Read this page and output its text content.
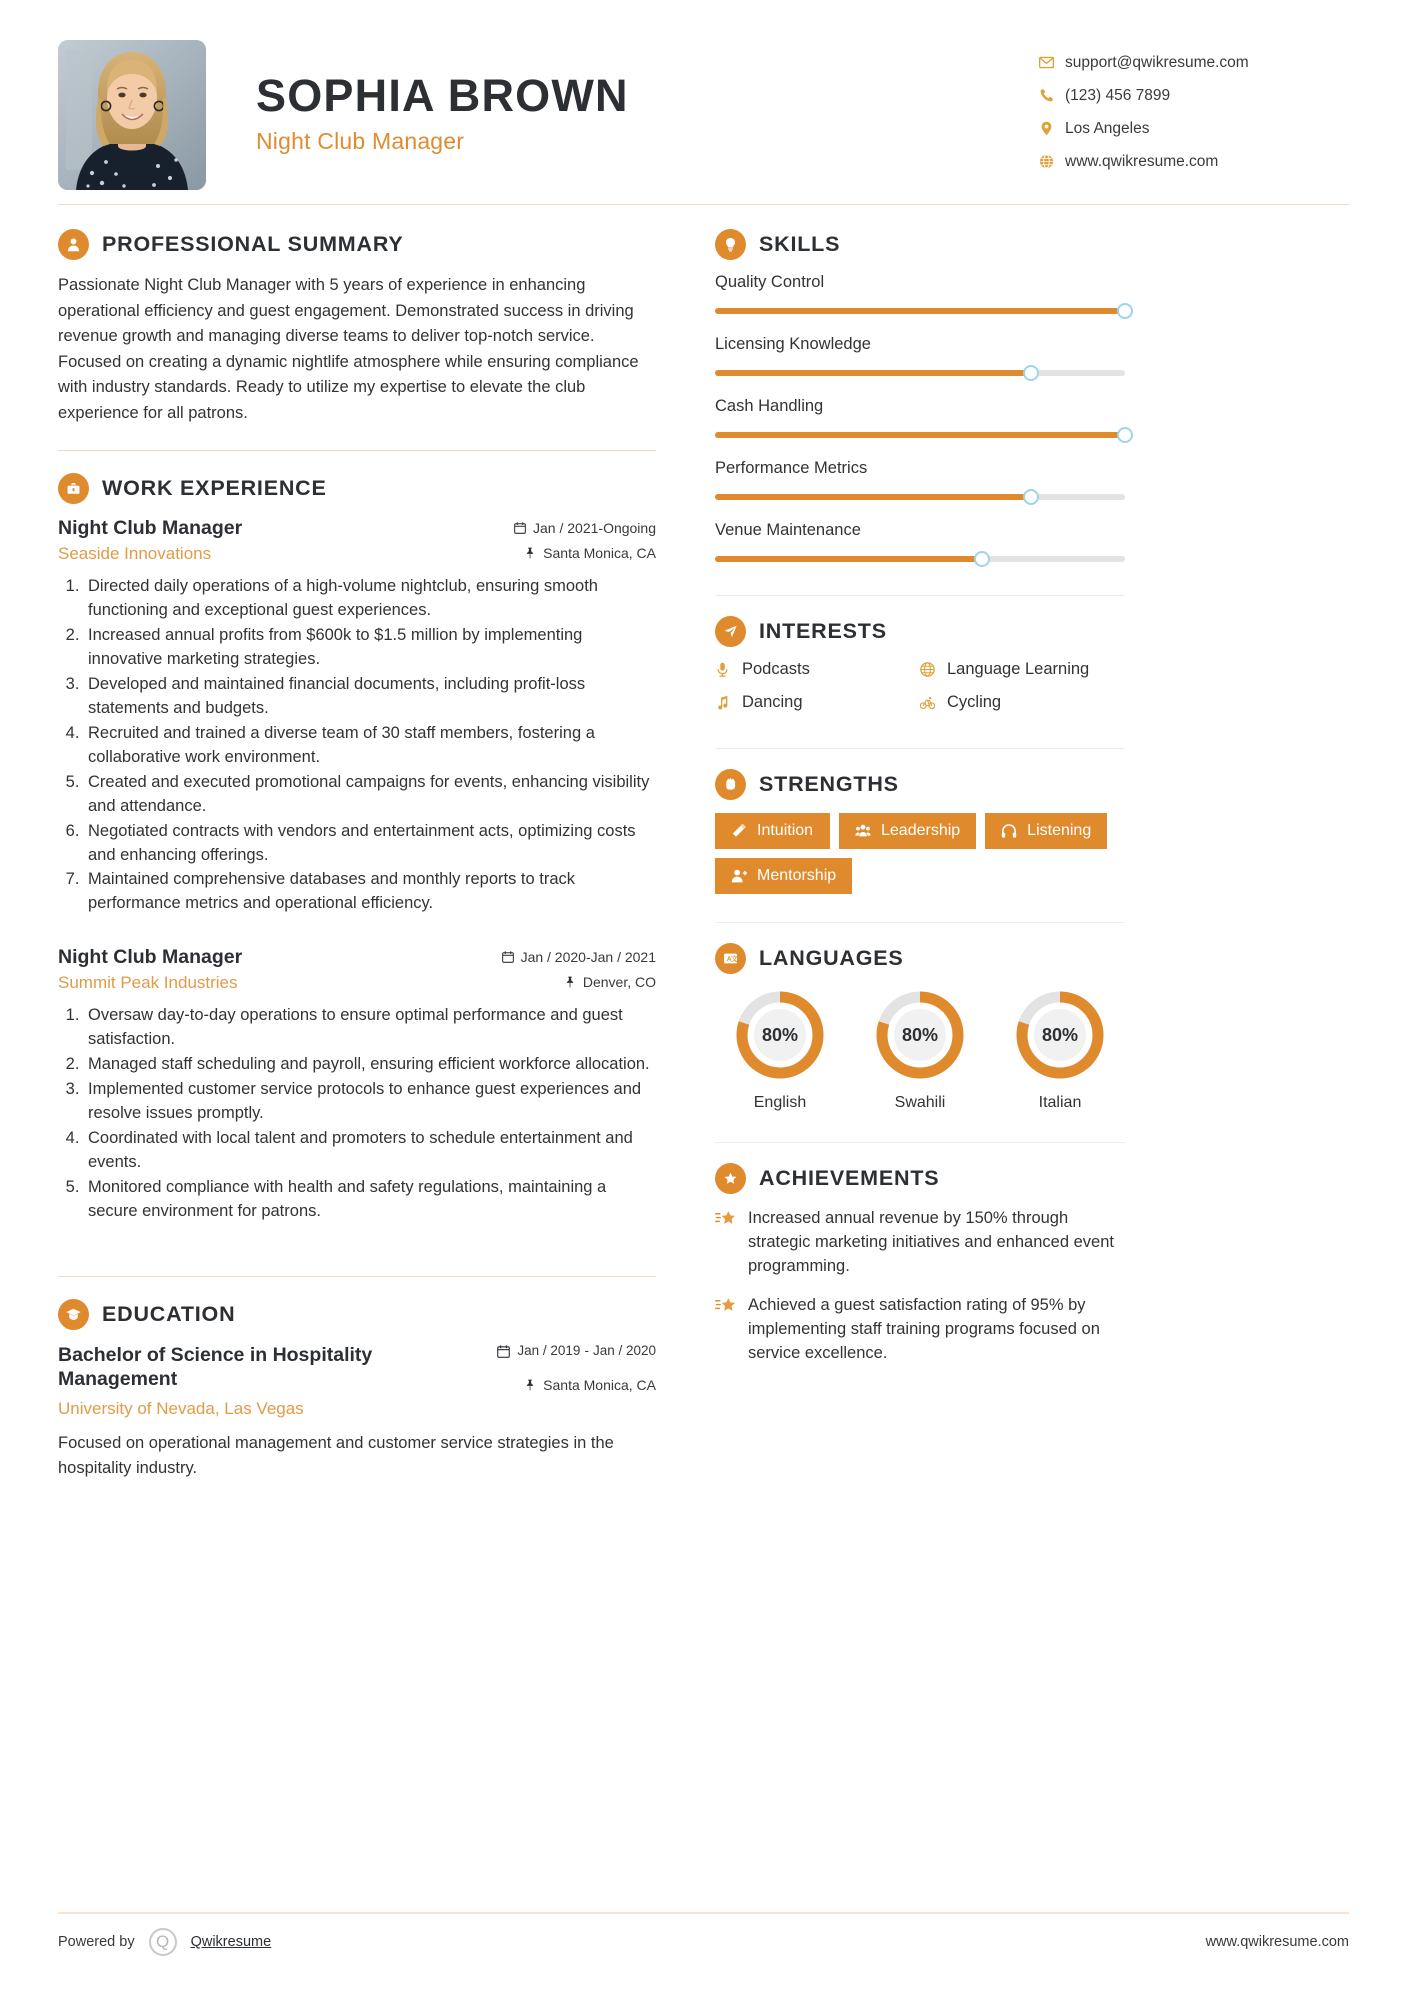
SOPHIA BROWN
Night Club Manager
support@qwikresume.com
(123) 456 7899
Los Angeles
www.qwikresume.com
PROFESSIONAL SUMMARY
Passionate Night Club Manager with 5 years of experience in enhancing operational efficiency and guest engagement. Demonstrated success in driving revenue growth and managing diverse teams to deliver top-notch service. Focused on creating a dynamic nightlife atmosphere while ensuring compliance with industry standards. Ready to utilize my expertise to elevate the club experience for all patrons.
WORK EXPERIENCE
Night Club Manager	Jan / 2021-Ongoing
Seaside Innovations	Santa Monica, CA
1. Directed daily operations of a high-volume nightclub, ensuring smooth functioning and exceptional guest experiences.
2. Increased annual profits from $600k to $1.5 million by implementing innovative marketing strategies.
3. Developed and maintained financial documents, including profit-loss statements and budgets.
4. Recruited and trained a diverse team of 30 staff members, fostering a collaborative work environment.
5. Created and executed promotional campaigns for events, enhancing visibility and attendance.
6. Negotiated contracts with vendors and entertainment acts, optimizing costs and enhancing offerings.
7. Maintained comprehensive databases and monthly reports to track performance metrics and operational efficiency.
Night Club Manager	Jan / 2020-Jan / 2021
Summit Peak Industries	Denver, CO
1. Oversaw day-to-day operations to ensure optimal performance and guest satisfaction.
2. Managed staff scheduling and payroll, ensuring efficient workforce allocation.
3. Implemented customer service protocols to enhance guest experiences and resolve issues promptly.
4. Coordinated with local talent and promoters to schedule entertainment and events.
5. Monitored compliance with health and safety regulations, maintaining a secure environment for patrons.
EDUCATION
Bachelor of Science in Hospitality Management
University of Nevada, Las Vegas
Jan / 2019 - Jan / 2020
Santa Monica, CA
Focused on operational management and customer service strategies in the hospitality industry.
SKILLS
Quality Control
Licensing Knowledge
Cash Handling
Performance Metrics
Venue Maintenance
INTERESTS
Podcasts	Language Learning
Dancing	Cycling
STRENGTHS
Intuition	Leadership	Listening
Mentorship
A 文 LANGUAGES
80%
English
80%
Swahili
80%
Italian
ACHIEVEMENTS
Increased annual revenue by 150% through strategic marketing initiatives and enhanced event programming.
Achieved a guest satisfaction rating of 95% by implementing staff training programs focused on service excellence.
Powered by	Q	Qwikresume	www.qwikresume.com
